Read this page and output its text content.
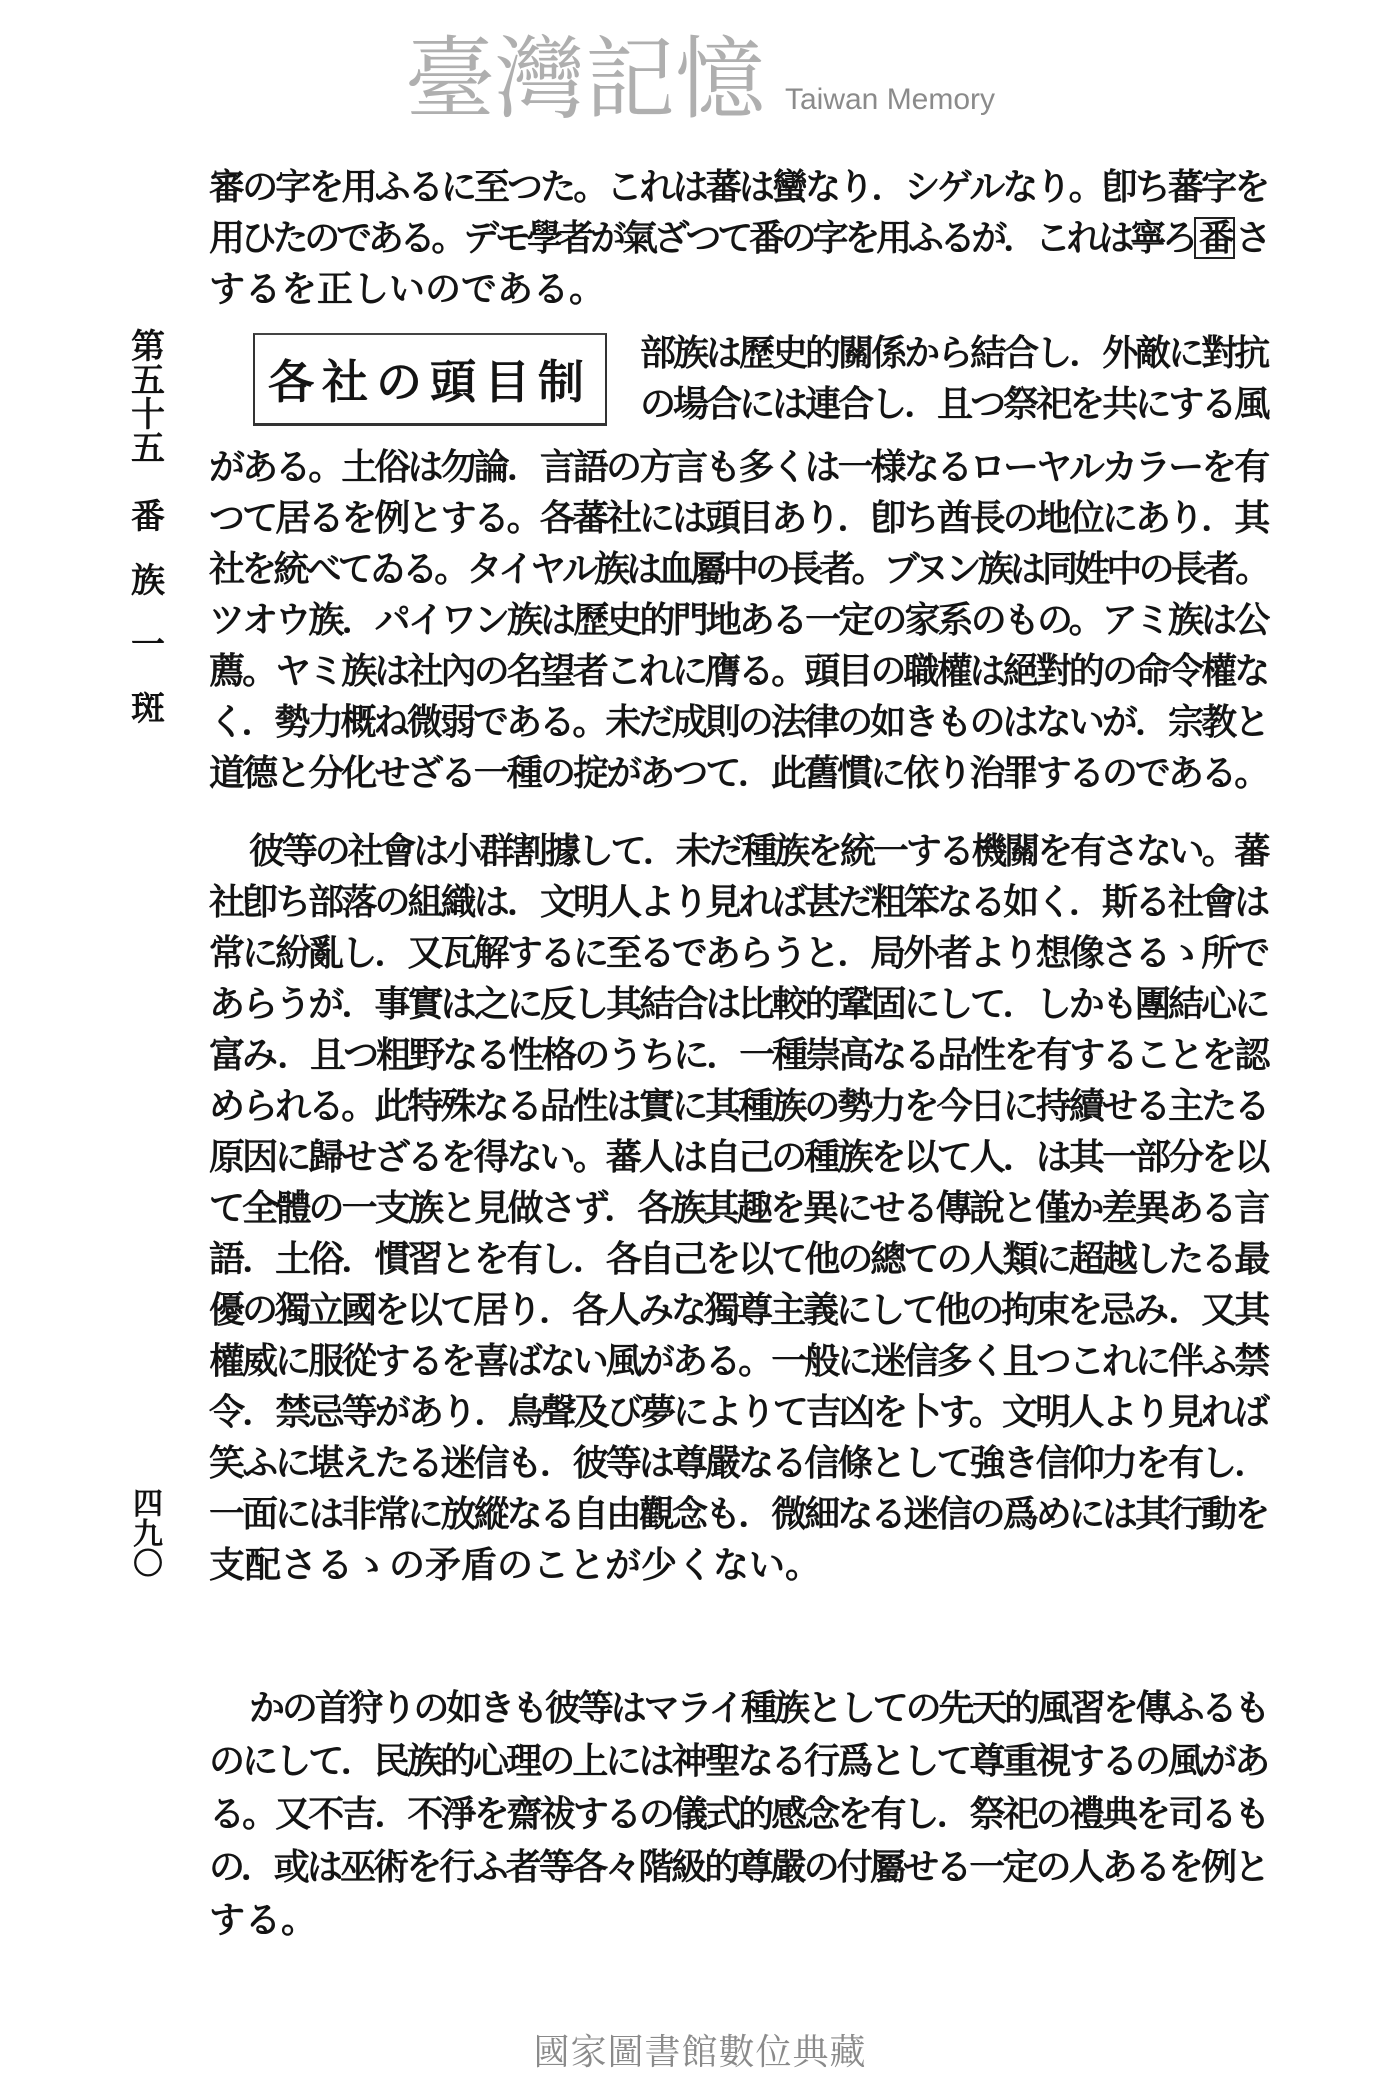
第
五
十
五
番
族
一
斑
四
九
〇
審の字を用ふるに至つた。これは蕃は蠻なり．シゲルなり。卽ち蕃字を
用ひたのである。デモ學者が氣ざつて番の字を用ふるが．これは寧ろ 番 さ
するを正しいのである。
各社の頭目制
部族は歷史的關係から結合し．外敵に對抗
の場合には連合し．且つ祭祀を共にする風
がある。土俗は勿論．言語の方言も多くは一様なるローヤルカラーを有
つて居るを例とする。各蕃社には頭目あり．卽ち酋長の地位にあり．其
社を統べてゐる。タイヤル族は血屬中の長者。ブヌン族は同姓中の長者。
ツオウ族．パイワン族は歷史的門地ある一定の家系のもの。アミ族は公
薦。ヤミ族は社內の名望者これに膺る。頭目の職權は絕對的の命令權な
く．勢力概ね微弱である。未だ成則の法律の如きものはないが．宗教と
道德と分化せざる一種の掟があつて．此舊慣に依り治罪するのである。
彼等の社會は小群割據して．未だ種族を統一する機關を有さない。蕃
社卽ち部落の組織は．文明人より見れば甚だ粗笨なる如く．斯る社會は
常に紛亂し．又瓦解するに至るであらうと．局外者より想像さるゝ所で
あらうが．事實は之に反し其結合は比較的鞏固にして．しかも團結心に
富み．且つ粗野なる性格のうちに．一種崇高なる品性を有することを認
められる。此特殊なる品性は實に其種族の勢力を今日に持續せる主たる
原因に歸せざるを得ない。蕃人は自己の種族を以て人．は其一部分を以
て全體の一支族と見做さず．各族其趣を異にせる傳說と僅か差異ある言
語．土俗．慣習とを有し．各自己を以て他の總ての人類に超越したる最
優の獨立國を以て居り．各人みな獨尊主義にして他の拘束を忌み．又其
權威に服從するを喜ばない風がある。一般に迷信多く且つこれに伴ふ禁
令．禁忌等があり．鳥聲及び夢によりて吉凶を卜す。文明人より見れば
笑ふに堪えたる迷信も．彼等は尊嚴なる信條として強き信仰力を有し．
一面には非常に放縱なる自由觀念も．微細なる迷信の爲めには其行動を
支配さるゝの矛盾のことが少くない。
かの首狩りの如きも彼等はマライ種族としての先天的風習を傳ふるも
のにして．民族的心理の上には神聖なる行爲として尊重視するの風があ
る。又不吉．不淨を齋祓するの儀式的感念を有し．祭祀の禮典を司るも
の．或は巫術を行ふ者等各々階級的尊嚴の付屬せる一定の人あるを例と
する。
臺灣記憶 Taiwan Memory
國家圖書館數位典藏
